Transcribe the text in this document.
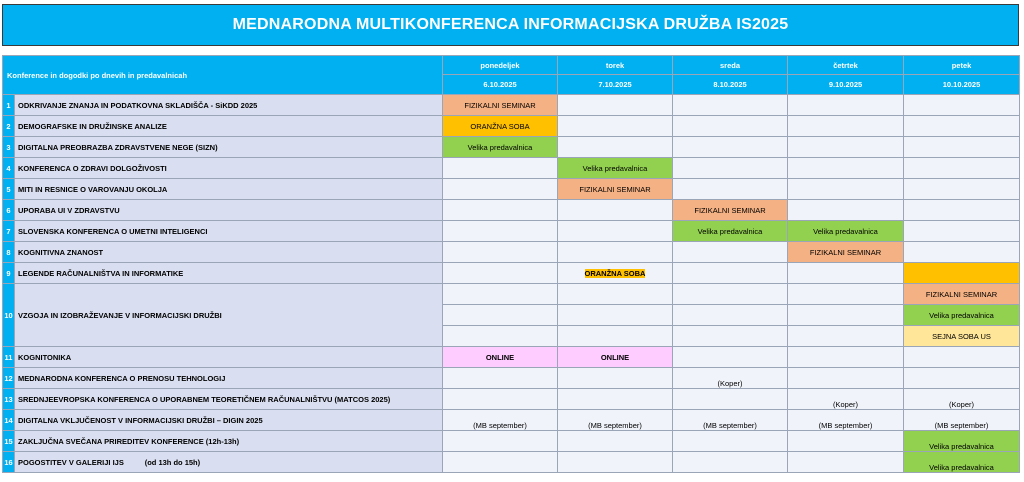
MEDNARODNA MULTIKONFERENCA INFORMACIJSKA DRUŽBA IS2025
Konference in dogodki po dnevih in predavalnicah		ponedeljek	torek	sreda	četrtek	petek
		6.10.2025	7.10.2025	8.10.2025	9.10.2025	10.10.2025
1	ODKRIVANJE ZNANJA IN PODATKOVNA SKLADIŠČA - SiKDD 2025	FIZIKALNI SEMINAR				
2	DEMOGRAFSKE IN DRUŽINSKE ANALIZE	ORANŽNA SOBA				
3	DIGITALNA PREOBRAZBA ZDRAVSTVENE NEGE (SIZN)	Velika predavalnica				
4	KONFERENCA O ZDRAVI DOLGOŽIVOSTI		Velika predavalnica			
5	MITI IN RESNICE O VAROVANJU OKOLJA		FIZIKALNI SEMINAR			
6	UPORABA UI V ZDRAVSTVU			FIZIKALNI SEMINAR		
7	SLOVENSKA KONFERENCA O UMETNI INTELIGENCI			Velika predavalnica	Velika predavalnica	
8	KOGNITIVNA ZNANOST				FIZIKALNI SEMINAR	
9	LEGENDE RAČUNALNIŠTVA IN INFORMATIKE		ORANŽNA SOBA			
10	VZGOJA IN IZOBRAŽEVANJE V INFORMACIJSKI DRUŽBI					FIZIKALNI SEMINAR
						Velika predavalnica
						SEJNA SOBA US
11	KOGNITONIKA	ONLINE	ONLINE			
12	MEDNARODNA KONFERENCA O PRENOSU TEHNOLOGIJ			(Koper)		
13	SREDNJEEVROPSKA KONFERENCA O UPORABNEM TEORETIČNEM RAČUNALNIŠTVU (MATCOS 2025)				(Koper)	(Koper)
14	DIGITALNA VKLJUČENOST V INFORMACIJSKI DRUŽBI – DIGIN 2025	(MB september)	(MB september)	(MB september)	(MB september)	(MB september)
15	ZAKLJUČNA SVEČANA PRIREDITEV KONFERENCE (12h-13h)					Velika predavalnica
16	POGOSTITEV V GALERIJI IJS          (od 13h do 15h)					Velika predavalnica
